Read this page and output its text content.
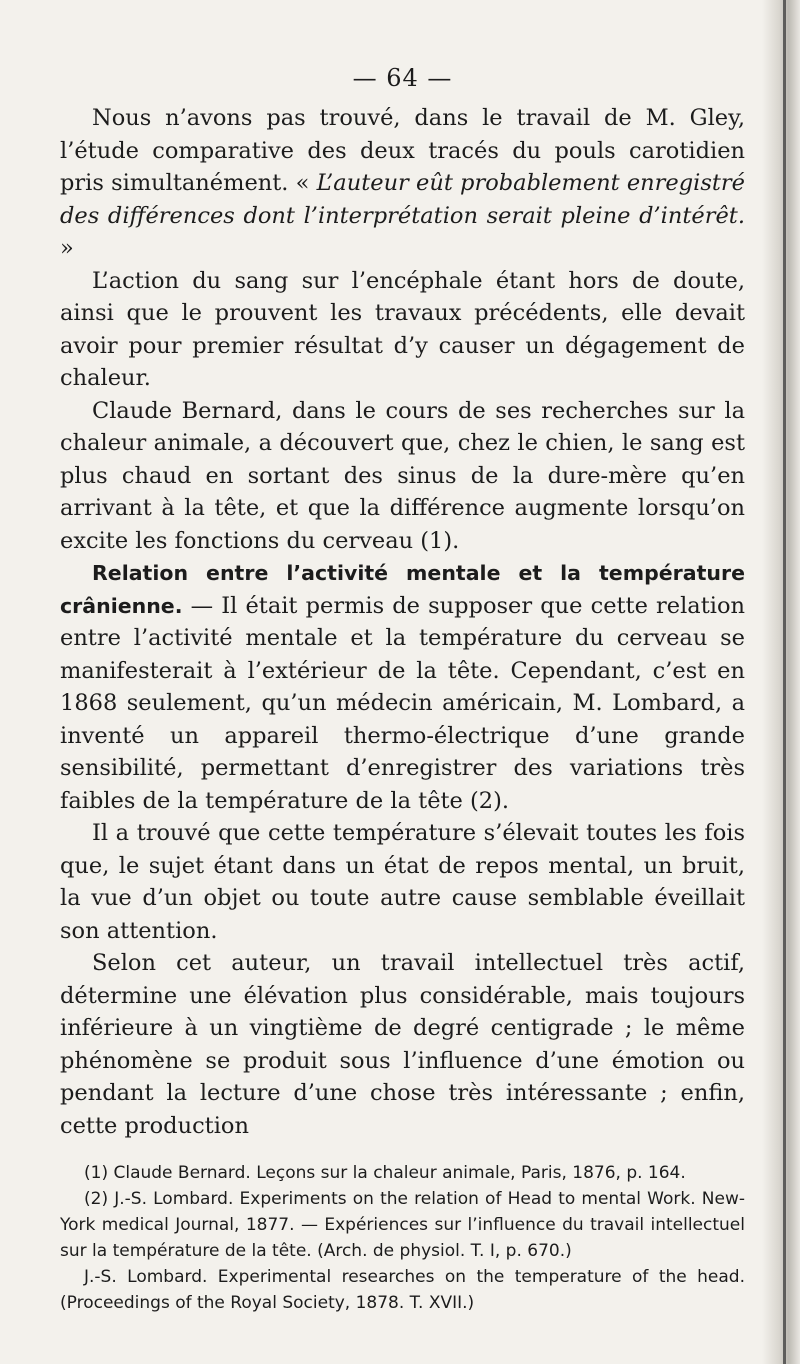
— 64 —

Nous n’avons pas trouvé, dans le travail de M. Gley, l’étude comparative des deux tracés du pouls carotidien pris simultanément. « L’auteur eût probablement enregistré des différences dont l’interprétation serait pleine d’intérêt. »

L’action du sang sur l’encéphale étant hors de doute, ainsi que le prouvent les travaux précédents, elle devait avoir pour premier résultat d’y causer un dégagement de chaleur.

Claude Bernard, dans le cours de ses recherches sur la chaleur animale, a découvert que, chez le chien, le sang est plus chaud en sortant des sinus de la dure-mère qu’en arrivant à la tête, et que la différence augmente lorsqu’on excite les fonctions du cerveau (1).

Relation entre l’activité mentale et la température crânienne. — Il était permis de supposer que cette relation entre l’activité mentale et la température du cerveau se manifesterait à l’extérieur de la tête. Cependant, c’est en 1868 seulement, qu’un médecin américain, M. Lombard, a inventé un appareil thermo-électrique d’une grande sensibilité, permettant d’enregistrer des variations très faibles de la température de la tête (2).

Il a trouvé que cette température s’élevait toutes les fois que, le sujet étant dans un état de repos mental, un bruit, la vue d’un objet ou toute autre cause semblable éveillait son attention.

Selon cet auteur, un travail intellectuel très actif, détermine une élévation plus considérable, mais toujours inférieure à un vingtième de degré centigrade ; le même phénomène se produit sous l’influence d’une émotion ou pendant la lecture d’une chose très intéressante ; enfin, cette production

(1) Claude Bernard. Leçons sur la chaleur animale, Paris, 1876, p. 164.

(2) J.-S. Lombard. Experiments on the relation of Head to mental Work. New-York medical Journal, 1877. — Expériences sur l’influence du travail intellectuel sur la température de la tête. (Arch. de physiol. T. I, p. 670.)

J.-S. Lombard. Experimental researches on the temperature of the head. (Proceedings of the Royal Society, 1878. T. XVII.)
